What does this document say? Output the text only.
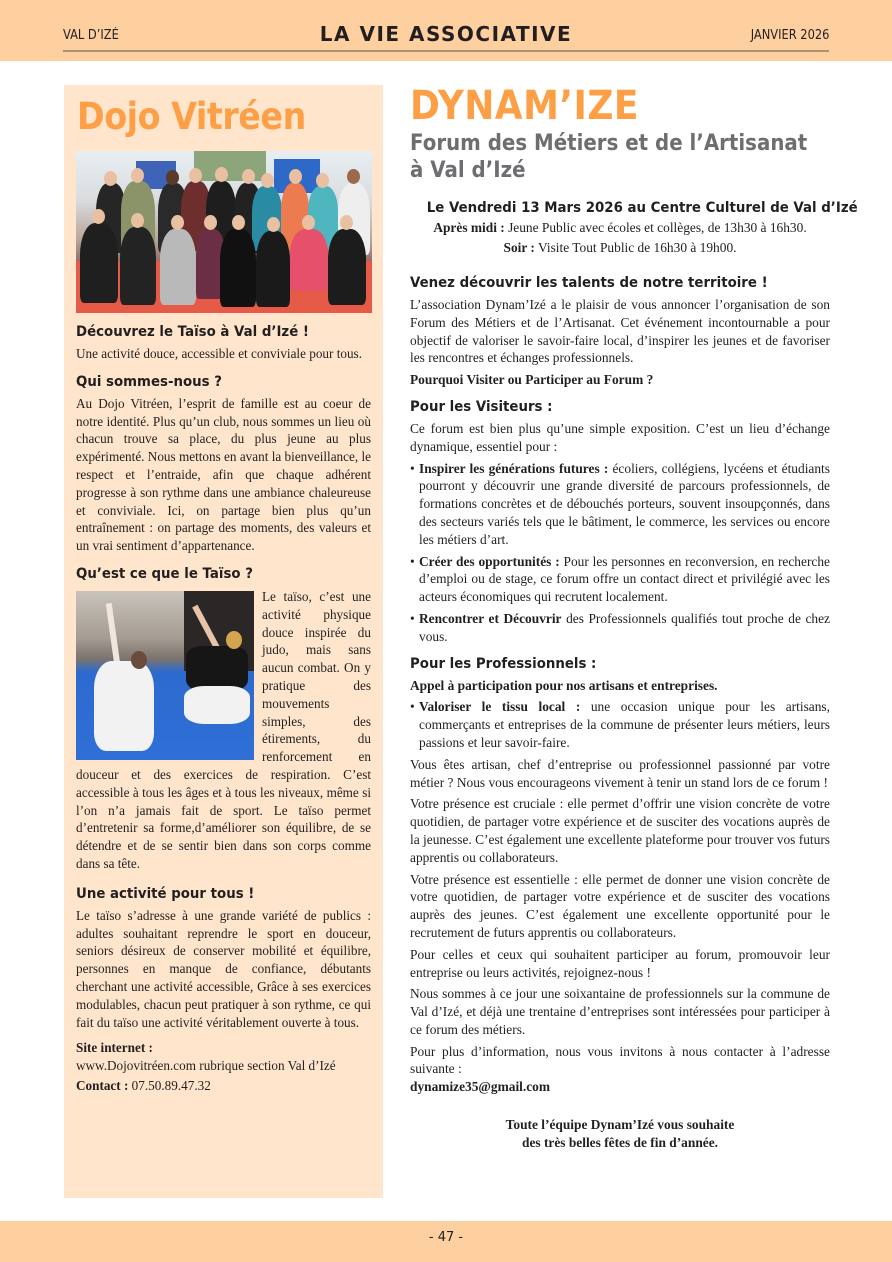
VAL D’IZÉ	LA VIE ASSOCIATIVE	JANVIER 2026
Dojo Vitréen
Découvrez le Taïso à Val d’Izé !

Une activité douce, accessible et conviviale pour tous.

Qui sommes-nous ?

Au Dojo Vitréen, l’esprit de famille est au coeur de notre identité. Plus qu’un club, nous sommes un lieu où chacun trouve sa place, du plus jeune au plus expérimenté. Nous mettons en avant la bienveillance, le respect et l’entraide, afin que chaque adhérent progresse à son rythme dans une ambiance chaleureuse et conviviale. Ici, on partage bien plus qu’un entraînement : on partage des moments, des valeurs et un vrai sentiment d’appartenance.

Qu’est ce que le Taïso ?

Le taïso, c’est une activité physique douce inspirée du judo, mais sans aucun combat. On y pratique des mouvements simples, des étirements, du renforcement en douceur et des exercices de respiration. C’est accessible à tous les âges et à tous les niveaux, même si l’on n’a jamais fait de sport. Le taïso permet d’entretenir sa forme,d’améliorer son équilibre, de se détendre et de se sentir bien dans son corps comme dans sa tête.

Une activité pour tous !

Le taïso s’adresse à une grande variété de publics : adultes souhaitant reprendre le sport en douceur, seniors désireux de conserver mobilité et équilibre, personnes en manque de confiance, débutants cherchant une activité accessible, Grâce à ses exercices modulables, chacun peut pratiquer à son rythme, ce qui fait du taïso une activité véritablement ouverte à tous.

Site internet :
www.Dojovitréen.com rubrique section Val d’Izé
Contact : 07.50.89.47.32
DYNAM’IZE
Forum des Métiers et de l’Artisanat
à Val d’Izé
Le Vendredi 13 Mars 2026 au Centre Culturel de Val d’Izé
Après midi : Jeune Public avec écoles et collèges, de 13h30 à 16h30.
Soir : Visite Tout Public de 16h30 à 19h00.
Venez découvrir les talents de notre territoire !

L’association Dynam’Izé a le plaisir de vous annoncer l’organisation de son Forum des Métiers et de l’Artisanat. Cet événement incontournable a pour objectif de valoriser le savoir-faire local, d’inspirer les jeunes et de favoriser les rencontres et échanges professionnels.

Pourquoi Visiter ou Participer au Forum ?

Pour les Visiteurs :

Ce forum est bien plus qu’une simple exposition. C’est un lieu d’échange dynamique, essentiel pour :

• Inspirer les générations futures : écoliers, collégiens, lycéens et étudiants pourront y découvrir une grande diversité de parcours professionnels, de formations concrètes et de débouchés porteurs, souvent insoupçonnés, dans des secteurs variés tels que le bâtiment, le commerce, les services ou encore les métiers d’art.
• Créer des opportunités : Pour les personnes en reconversion, en recherche d’emploi ou de stage, ce forum offre un contact direct et privilégié avec les acteurs économiques qui recrutent localement.
• Rencontrer et Découvrir des Professionnels qualifiés tout proche de chez vous.
Pour les Professionnels :

Appel à participation pour nos artisans et entreprises.

• Valoriser le tissu local : une occasion unique pour les artisans, commerçants et entreprises de la commune de présenter leurs métiers, leurs passions et leur savoir-faire.

Vous êtes artisan, chef d’entreprise ou professionnel passionné par votre métier ? Nous vous encourageons vivement à tenir un stand lors de ce forum !

Votre présence est cruciale : elle permet d’offrir une vision concrète de votre quotidien, de partager votre expérience et de susciter des vocations auprès de la jeunesse. C’est également une excellente plateforme pour trouver vos futurs apprentis ou collaborateurs.

Votre présence est essentielle : elle permet de donner une vision concrète de votre quotidien, de partager votre expérience et de susciter des vocations auprès des jeunes. C’est également une excellente opportunité pour le recrutement de futurs apprentis ou collaborateurs.

Pour celles et ceux qui souhaitent participer au forum, promouvoir leur entreprise ou leurs activités, rejoignez-nous !

Nous sommes à ce jour une soixantaine de professionnels sur la commune de Val d’Izé, et déjà une trentaine d’entreprises sont intéressées pour participer à ce forum des métiers.

Pour plus d’information, nous vous invitons à nous contacter à l’adresse suivante :

dynamize35@gmail.com

Toute l’équipe Dynam’Izé vous souhaite
des très belles fêtes de fin d’année.
- 47 -
